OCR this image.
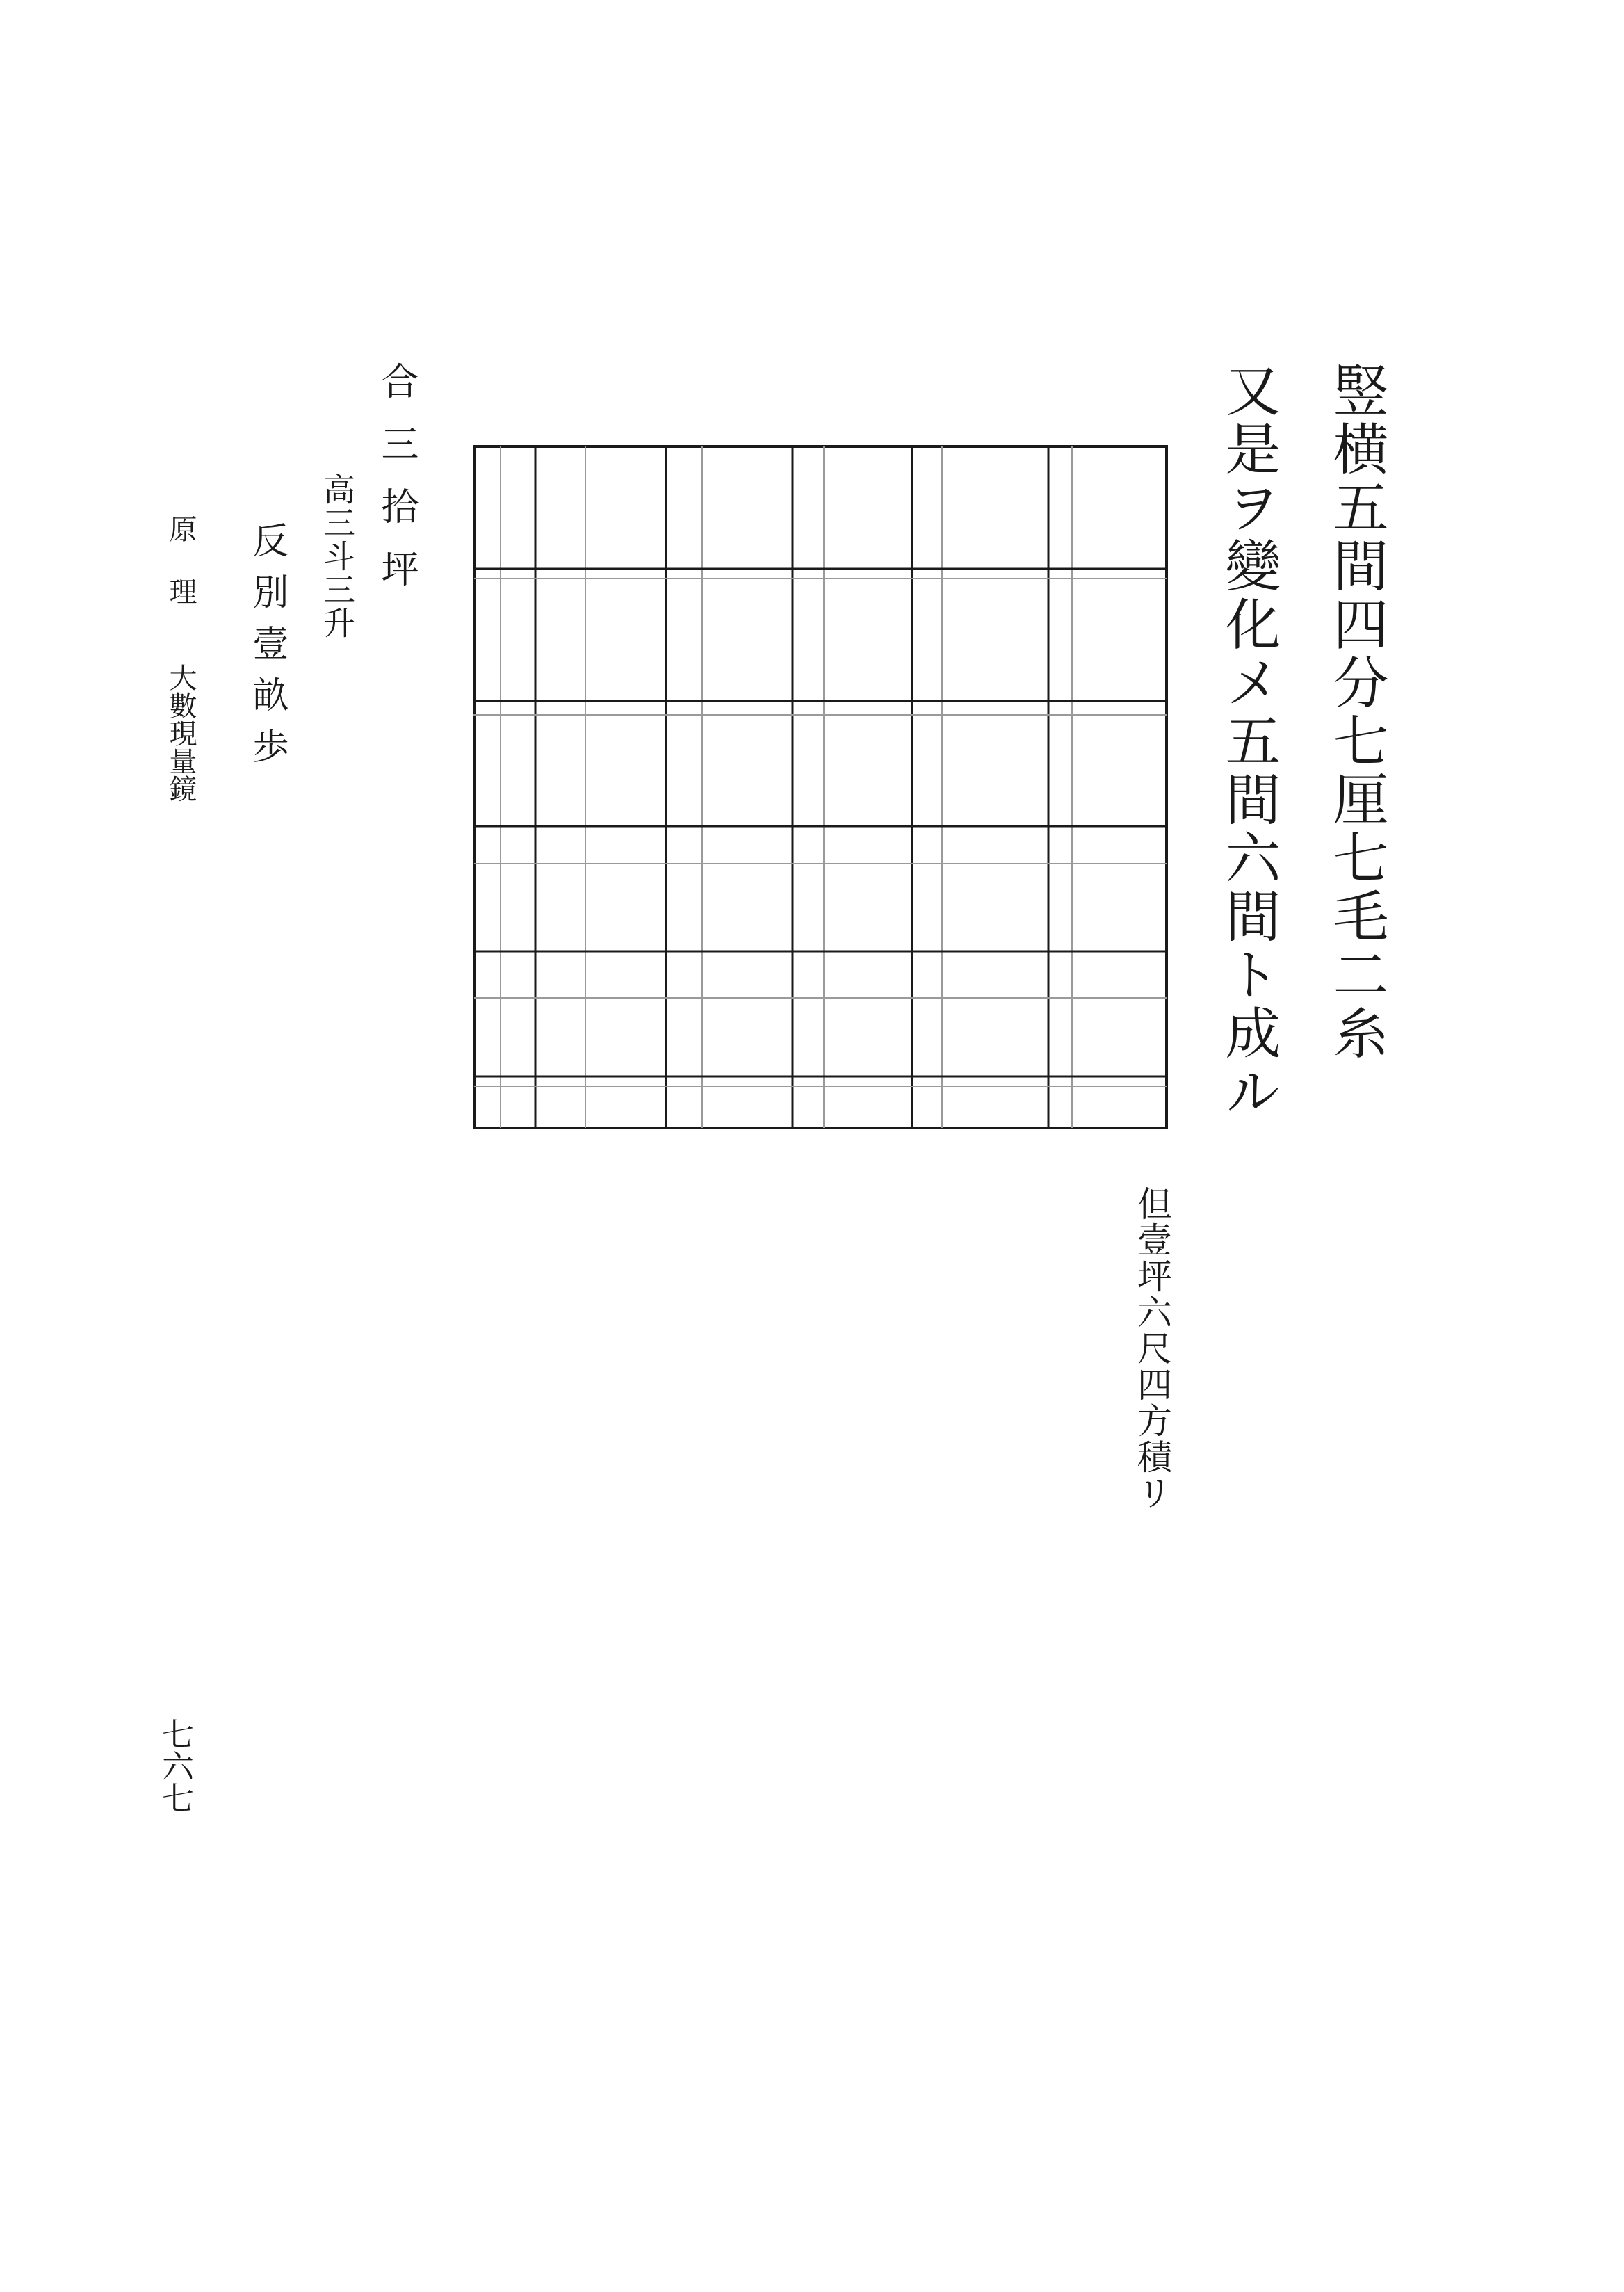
竪横五間四分七厘七毛二糸
又是ヲ變化メ五間六間ト成ル
但壹坪六尺四方積リ
合三拾坪
高三斗三升
反別壹畝歩
原理大數現量鏡
七六七
